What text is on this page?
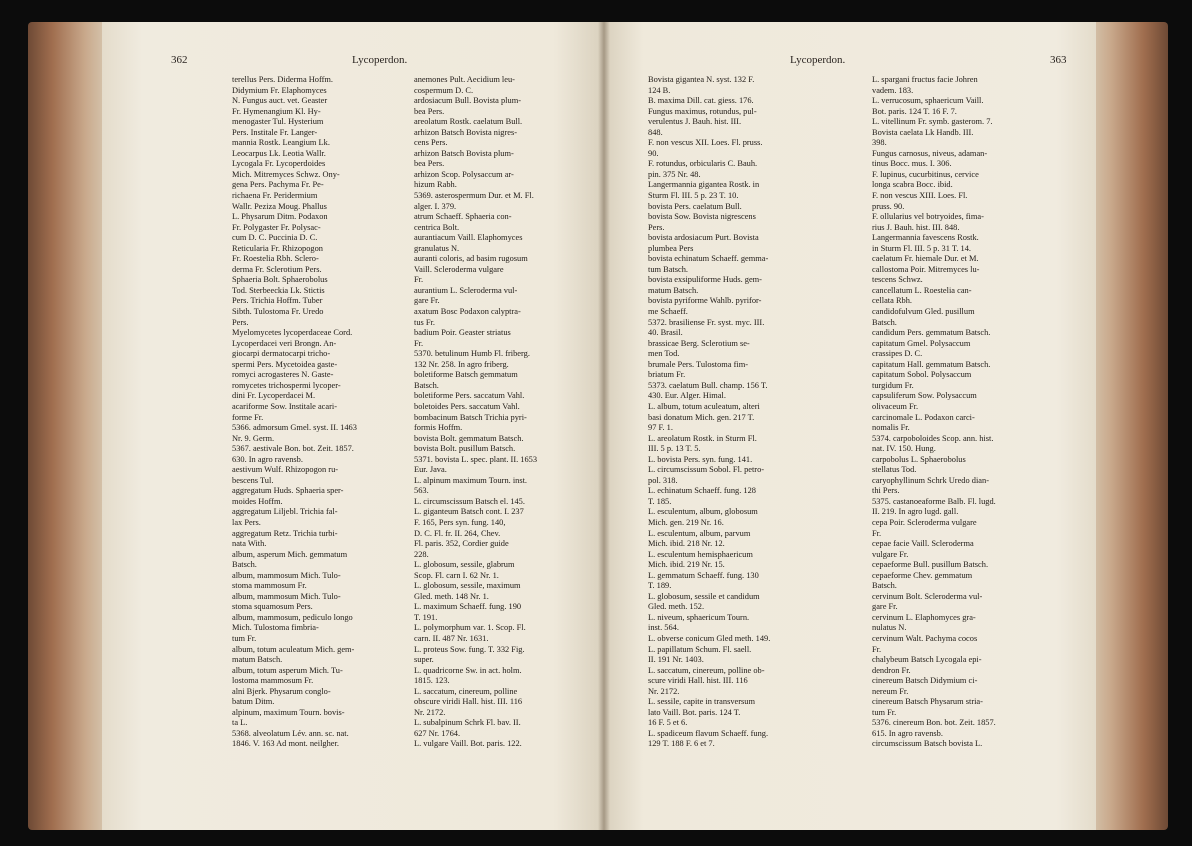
362	Lycoperdon.	Lycoperdon.	363
terellus Pers. Diderma Hoffm.
Didymium Fr. Elaphomyces
N. Fungus auct. vet. Geaster
Fr. Hymenangium Kl. Hy-
menogaster Tul. Hysterium
Pers. Institale Fr. Langer-
mannia Rostk. Leangium Lk.
Leocarpus Lk. Leotia Wallr.
Lycogala Fr. Lycoperdoides
Mich. Mitremyces Schwz. Ony-
gena Pers. Pachyma Fr. Pe-
richaena Fr. Peridermium
Wallr. Peziza Moug. Phallus
L. Physarum Ditm. Podaxon
Fr. Polygaster Fr. Polysac-
cum D. C. Puccinia D. C.
Reticularia Fr. Rhizopogon
Fr. Roestelia Rbh. Sclero-
derma Fr. Sclerotium Pers.
Sphaeria Bolt. Sphaerobolus
Tod. Sterbeeckia Lk. Stictis
Pers. Trichia Hoffm. Tuber
Sibth. Tulostoma Fr. Uredo
Pers.
Myelomycetes lycoperdaceae Cord.
Lycoperdacei veri Brongn. An-
giocarpi dermatocarpi tricho-
spermi Pers. Mycetoidea gaste-
romyci acrogasteres N. Gaste-
romycetes trichospermi lycoper-
dini Fr. Lycoperdacei M.
acariforme Sow. Institale acari-
forme Fr.
5366. admorsum Gmel. syst. II. 1463
Nr. 9. Germ.
5367. aestivale Bon. bot. Zeit. 1857.
630. In agro ravensb.
aestivum Wulf. Rhizopogon ru-
bescens Tul.
aggregatum Huds. Sphaeria sper-
moides Hoffm.
aggregatum Liljebl. Trichia fal-
lax Pers.
aggregatum Retz. Trichia turbi-
nata With.
album, asperum Mich. gemmatum
Batsch.
album, mammosum Mich. Tulo-
stoma mammosum Fr.
album, mammosum Mich. Tulo-
stoma squamosum Pers.
album, mammosum, pediculo longo
Mich. Tulostoma fimbria-
tum Fr.
album, totum aculeatum Mich. gem-
matum Batsch.
album, totum asperum Mich. Tu-
lostoma mammosum Fr.
alni Bjerk. Physarum conglo-
batum Ditm.
alpinum, maximum Tourn. bovis-
ta L.
5368. alveolatum Lév. ann. sc. nat.
1846. V. 163 Ad mont. neilgher.
anemones Pult. Aecidium leu-
cospermum D. C.
ardosiacum Bull. Bovista plum-
bea Pers.
areolatum Rostk. caelatum Bull.
arhizon Batsch Bovista nigres-
cens Pers.
arhizon Batsch Bovista plum-
bea Pers.
arhizon Scop. Polysaccum ar-
hizum Rabh.
5369. asterospermum Dur. et M. Fl.
alger. I. 379.
atrum Schaeff. Sphaeria con-
centrica Bolt.
aurantiacum Vaill. Elaphomyces
granulatus N.
auranti coloris, ad basim rugosum
Vaill. Scleroderma vulgare
Fr.
aurantium L. Scleroderma vul-
gare Fr.
axatum Bosc Podaxon calyptra-
tus Fr.
badium Poir. Geaster striatus
Fr.
5370. betulinum Humb Fl. friberg.
132 Nr. 258. In agro friberg.
boletiforme Batsch gemmatum
Batsch.
boletiforme Pers. saccatum Vahl.
boletoides Pers. saccatum Vahl.
bombacinum Batsch Trichia pyri-
formis Hoffm.
bovista Bolt. gemmatum Batsch.
bovista Bolt. pusillum Batsch.
5371. bovista L. spec. plant. II. 1653
Eur. Java.
L. alpinum maximum Tourn. inst.
563.
L. circumscissum Batsch el. 145.
L. giganteum Batsch cont. I. 237
F. 165, Pers syn. fung. 140,
D. C. Fl. fr. II. 264, Chev.
Fl. paris. 352, Cordier guide
228.
L. globosum, sessile, glabrum
Scop. Fl. carn I. 62 Nr. 1.
L. globosum, sessile, maximum
Gled. meth. 148 Nr. 1.
L. maximum Schaeff. fung. 190
T. 191.
L. polymorphum var. 1. Scop. Fl.
carn. II. 487 Nr. 1631.
L. proteus Sow. fung. T. 332 Fig.
super.
L. quadricorne Sw. in act. holm.
1815. 123.
L. saccatum, cinereum, polline
obscure viridi Hall. hist. III. 116
Nr. 2172.
L. subalpinum Schrk Fl. bav. II.
627 Nr. 1764.
L. vulgare Vaill. Bot. paris. 122.
Bovista gigantea N. syst. 132 F.
124 B.
B. maxima Dill. cat. giess. 176.
Fungus maximus, rotundus, pul-
verulentus J. Bauh. hist. III.
848.
F. non vescus XII. Loes. Fl. pruss.
90.
F. rotundus, orbicularis C. Bauh.
pin. 375 Nr. 48.
Langermannia gigantea Rostk. in
Sturm Fl. III. 5 p. 23 T. 10.
bovista Pers. caelatum Bull.
bovista Sow. Bovista nigrescens
Pers.
bovista ardosiacum Purt. Bovista
plumbea Pers
bovista echinatum Schaeff. gemma-
tum Batsch.
bovista exsipuliforme Huds. gem-
matum Batsch.
bovista pyriforme Wahlb. pyrifor-
me Schaeff.
5372. brasiliense Fr. syst. myc. III.
40. Brasil.
brassicae Berg. Sclerotium se-
men Tod.
brumale Pers. Tulostoma fim-
briatum Fr.
5373. caelatum Bull. champ. 156 T.
430. Eur. Alger. Himal.
L. album, totum aculeatum, alteri
basi donatum Mich. gen. 217 T.
97 F. 1.
L. areolatum Rostk. in Sturm Fl.
III. 5 p. 13 T. 5.
L. bovista Pers. syn. fung. 141.
L. circumscissum Sobol. Fl. petro-
pol. 318.
L. echinatum Schaeff. fung. 128
T. 185.
L. esculentum, album, globosum
Mich. gen. 219 Nr. 16.
L. esculentum, album, parvum
Mich. ibid. 218 Nr. 12.
L. esculentum hemisphaericum
Mich. ibid. 219 Nr. 15.
L. gemmatum Schaeff. fung. 130
T. 189.
L. globosum, sessile et candidum
Gled. meth. 152.
L. niveum, sphaericum Tourn.
inst. 564.
L. obverse conicum Gled meth. 149.
L. papillatum Schum. Fl. saell.
II. 191 Nr. 1403.
L. saccatum, cinereum, polline ob-
scure viridi Hall. hist. III. 116
Nr. 2172.
L. sessile, capite in transversum
lato Vaill. Bot. paris. 124 T.
16 F. 5 et 6.
L. spadiceum flavum Schaeff. fung.
129 T. 188 F. 6 et 7.
L. spargani fructus facie Johren
vadem. 183.
L. verrucosum, sphaericum Vaill.
Bot. paris. 124 T. 16 F. 7.
L. vitellinum Fr. symb. gasterom. 7.
Bovista caelata Lk Handb. III.
398.
Fungus carnosus, niveus, adaman-
tinus Bocc. mus. I. 306.
F. lupinus, cucurbitinus, cervice
longa scabra Bocc. ibid.
F. non vescus XIII. Loes. Fl.
pruss. 90.
F. ollularius vel botryoides, fima-
rius J. Bauh. hist. III. 848.
Langermannia favescens Rostk.
in Sturm Fl. III. 5 p. 31 T. 14.
caelatum Fr. hiemale Dur. et M.
callostoma Poir. Mitremyces lu-
tescens Schwz.
cancellatum L. Roestelia can-
cellata Rbh.
candidofulvum Gled. pusillum
Batsch.
candidum Pers. gemmatum Batsch.
capitatum Gmel. Polysaccum
crassipes D. C.
capitatum Hall. gemmatum Batsch.
capitatum Sobol. Polysaccum
turgidum Fr.
capsuliferum Sow. Polysaccum
olivaceum Fr.
carcinomale L. Podaxon carci-
nomalis Fr.
5374. carpoboloides Scop. ann. hist.
nat. IV. 150. Hung.
carpobolus L. Sphaerobolus
stellatus Tod.
caryophyllinum Schrk Uredo dian-
thi Pers.
5375. castanoeaforme Balb. Fl. lugd.
II. 219. In agro lugd. gall.
cepa Poir. Scleroderma vulgare
Fr.
cepae facie Vaill. Scleroderma
vulgare Fr.
cepaeforme Bull. pusillum Batsch.
cepaeforme Chev. gemmatum
Batsch.
cervinum Bolt. Scleroderma vul-
gare Fr.
cervinum L. Elaphomyces gra-
nulatus N.
cervinum Walt. Pachyma cocos
Fr.
chalybeum Batsch Lycogala epi-
dendron Fr.
cinereum Batsch Didymium ci-
nereum Fr.
cinereum Batsch Physarum stria-
tum Fr.
5376. cinereum Bon. bot. Zeit. 1857.
615. In agro ravensb.
circumscissum Batsch bovista L.
